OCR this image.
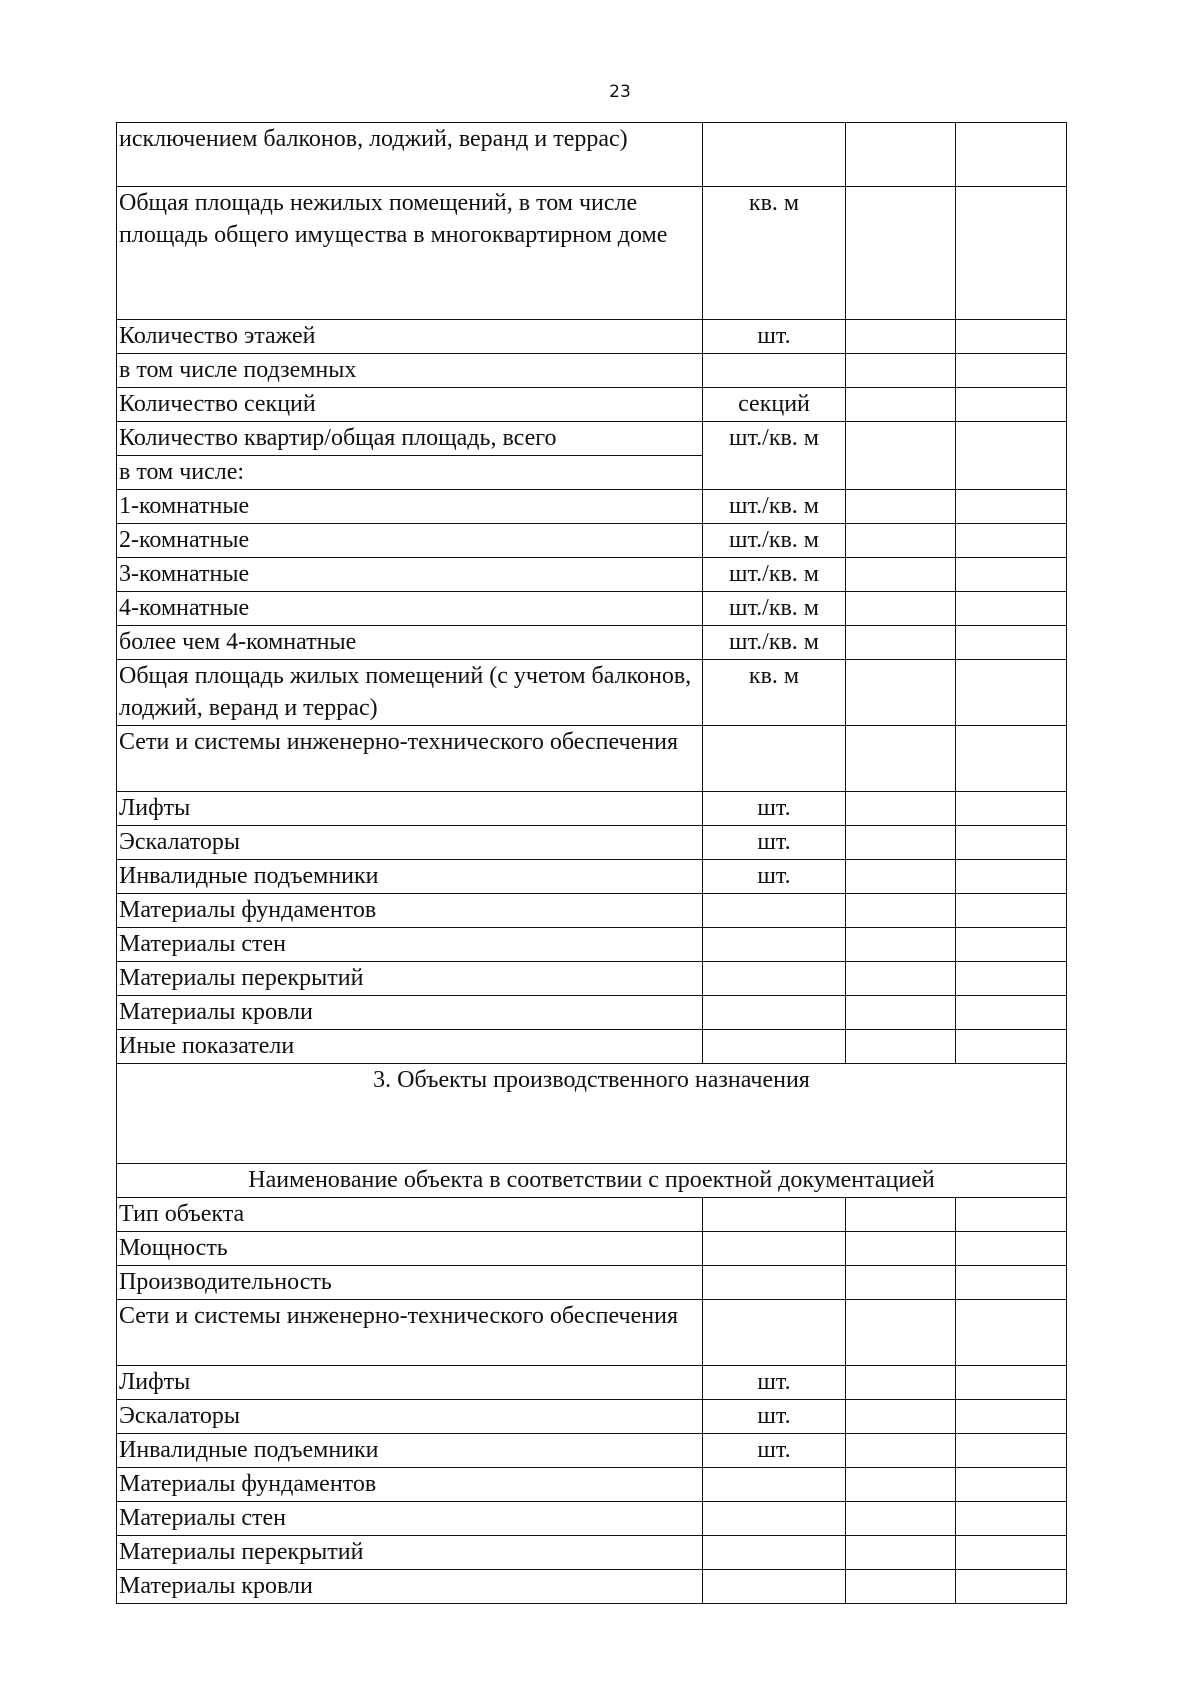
23
исключением балконов, лоджий, веранд и террас)			
Общая площадь нежилых помещений, в том числе площадь общего имущества в многоквартирном доме	кв. м		
Количество этажей	шт.		
в том числе подземных			
Количество секций	секций		
Количество квартир/общая площадь, всего	шт./кв. м		
в том числе:			
1-комнатные	шт./кв. м		
2-комнатные	шт./кв. м		
3-комнатные	шт./кв. м		
4-комнатные	шт./кв. м		
более чем 4-комнатные	шт./кв. м		
Общая площадь жилых помещений (с учетом балконов, лоджий, веранд и террас)	кв. м		
Сети и системы инженерно-технического обеспечения			
Лифты	шт.		
Эскалаторы	шт.		
Инвалидные подъемники	шт.		
Материалы фундаментов			
Материалы стен			
Материалы перекрытий			
Материалы кровли			
Иные показатели			
3. Объекты производственного назначения			
Наименование объекта в соответствии с проектной документацией			
Тип объекта			
Мощность			
Производительность			
Сети и системы инженерно-технического обеспечения			
Лифты	шт.		
Эскалаторы	шт.		
Инвалидные подъемники	шт.		
Материалы фундаментов			
Материалы стен			
Материалы перекрытий			
Материалы кровли			
